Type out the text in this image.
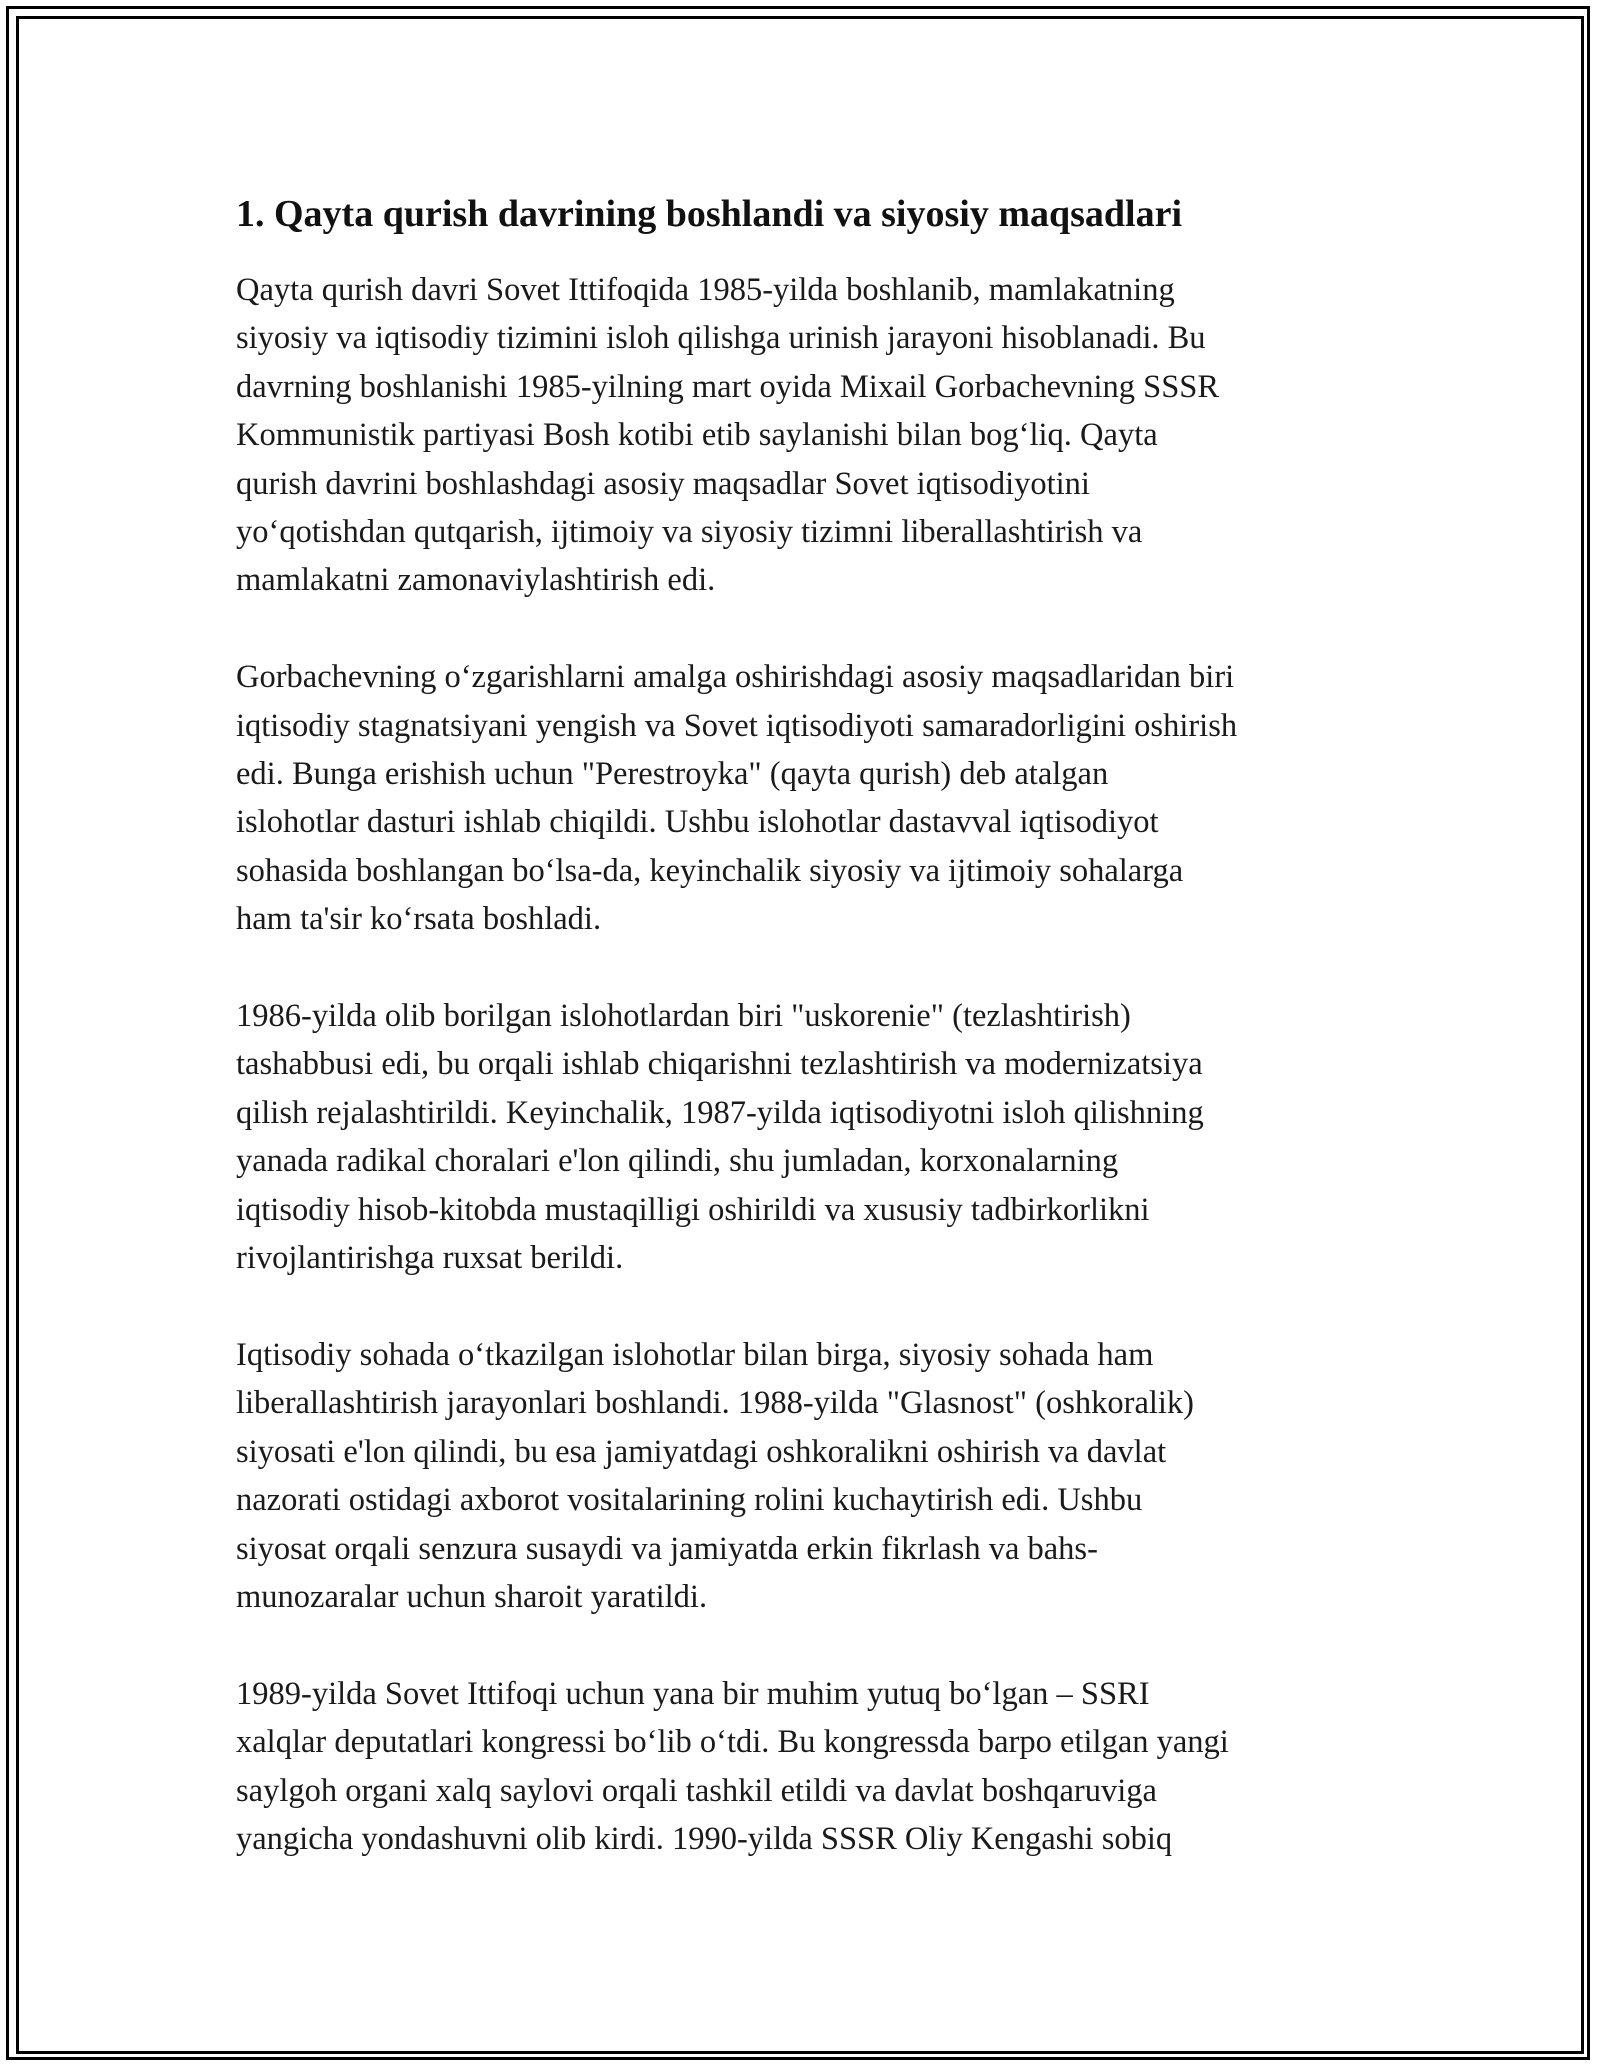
1. Qayta qurish davrining boshlandi va siyosiy maqsadlari
Qayta qurish davri Sovet Ittifoqida 1985-yilda boshlanib, mamlakatning
siyosiy va iqtisodiy tizimini isloh qilishga urinish jarayoni hisoblanadi. Bu
davrning boshlanishi 1985-yilning mart oyida Mixail Gorbachevning SSSR
Kommunistik partiyasi Bosh kotibi etib saylanishi bilan bog‘liq. Qayta
qurish davrini boshlashdagi asosiy maqsadlar Sovet iqtisodiyotini
yo‘qotishdan qutqarish, ijtimoiy va siyosiy tizimni liberallashtirish va
mamlakatni zamonaviylashtirish edi.
Gorbachevning o‘zgarishlarni amalga oshirishdagi asosiy maqsadlaridan biri
iqtisodiy stagnatsiyani yengish va Sovet iqtisodiyoti samaradorligini oshirish
edi. Bunga erishish uchun "Perestroyka" (qayta qurish) deb atalgan
islohotlar dasturi ishlab chiqildi. Ushbu islohotlar dastavval iqtisodiyot
sohasida boshlangan bo‘lsa-da, keyinchalik siyosiy va ijtimoiy sohalarga
ham ta'sir ko‘rsata boshladi.
1986-yilda olib borilgan islohotlardan biri "uskorenie" (tezlashtirish)
tashabbusi edi, bu orqali ishlab chiqarishni tezlashtirish va modernizatsiya
qilish rejalashtirildi. Keyinchalik, 1987-yilda iqtisodiyotni isloh qilishning
yanada radikal choralari e'lon qilindi, shu jumladan, korxonalarning
iqtisodiy hisob-kitobda mustaqilligi oshirildi va xususiy tadbirkorlikni
rivojlantirishga ruxsat berildi.
Iqtisodiy sohada o‘tkazilgan islohotlar bilan birga, siyosiy sohada ham
liberallashtirish jarayonlari boshlandi. 1988-yilda "Glasnost" (oshkoralik)
siyosati e'lon qilindi, bu esa jamiyatdagi oshkoralikni oshirish va davlat
nazorati ostidagi axborot vositalarining rolini kuchaytirish edi. Ushbu
siyosat orqali senzura susaydi va jamiyatda erkin fikrlash va bahs-
munozaralar uchun sharoit yaratildi.
1989-yilda Sovet Ittifoqi uchun yana bir muhim yutuq bo‘lgan – SSRI
xalqlar deputatlari kongressi bo‘lib o‘tdi. Bu kongressda barpo etilgan yangi
saylgoh organi xalq saylovi orqali tashkil etildi va davlat boshqaruviga
yangicha yondashuvni olib kirdi. 1990-yilda SSSR Oliy Kengashi sobiq
